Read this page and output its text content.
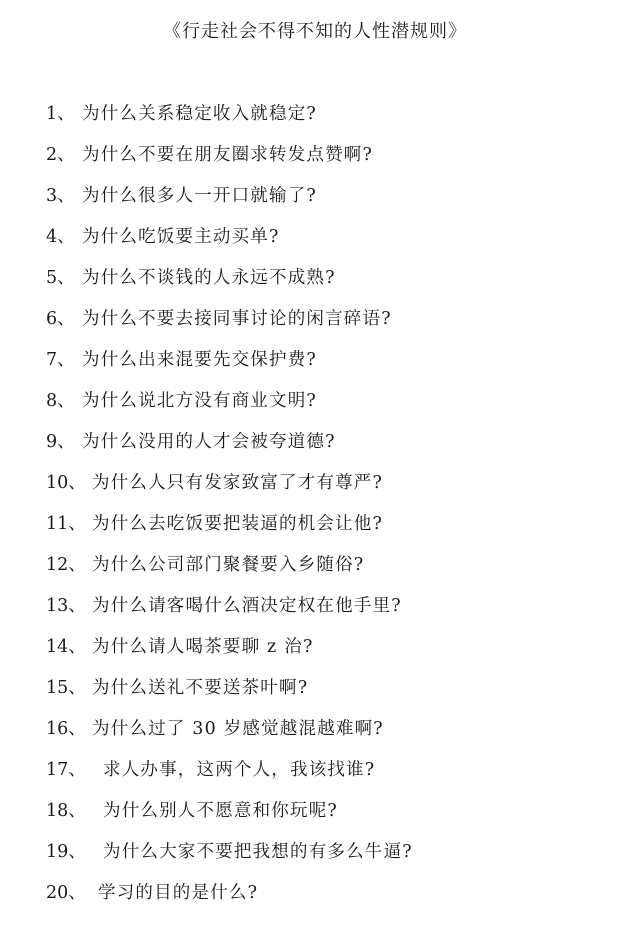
《行走社会不得不知的人性潜规则》
1、 为什么关系稳定收入就稳定?
2、 为什么不要在朋友圈求转发点赞啊?
3、 为什么很多人一开口就输了?
4、 为什么吃饭要主动买单?
5、 为什么不谈钱的人永远不成熟?
6、 为什么不要去接同事讨论的闲言碎语?
7、 为什么出来混要先交保护费?
8、 为什么说北方没有商业文明?
9、 为什么没用的人才会被夸道德?
10、 为什么人只有发家致富了才有尊严?
11、 为什么去吃饭要把装逼的机会让他?
12、 为什么公司部门聚餐要入乡随俗?
13、 为什么请客喝什么酒决定权在他手里?
14、 为什么请人喝茶要聊 z 治?
15、 为什么送礼不要送茶叶啊?
16、 为什么过了 30 岁感觉越混越难啊?
17、 求人办事，这两个人，我该找谁?
18、 为什么别人不愿意和你玩呢?
19、 为什么大家不要把我想的有多么牛逼?
20、 学习的目的是什么?
